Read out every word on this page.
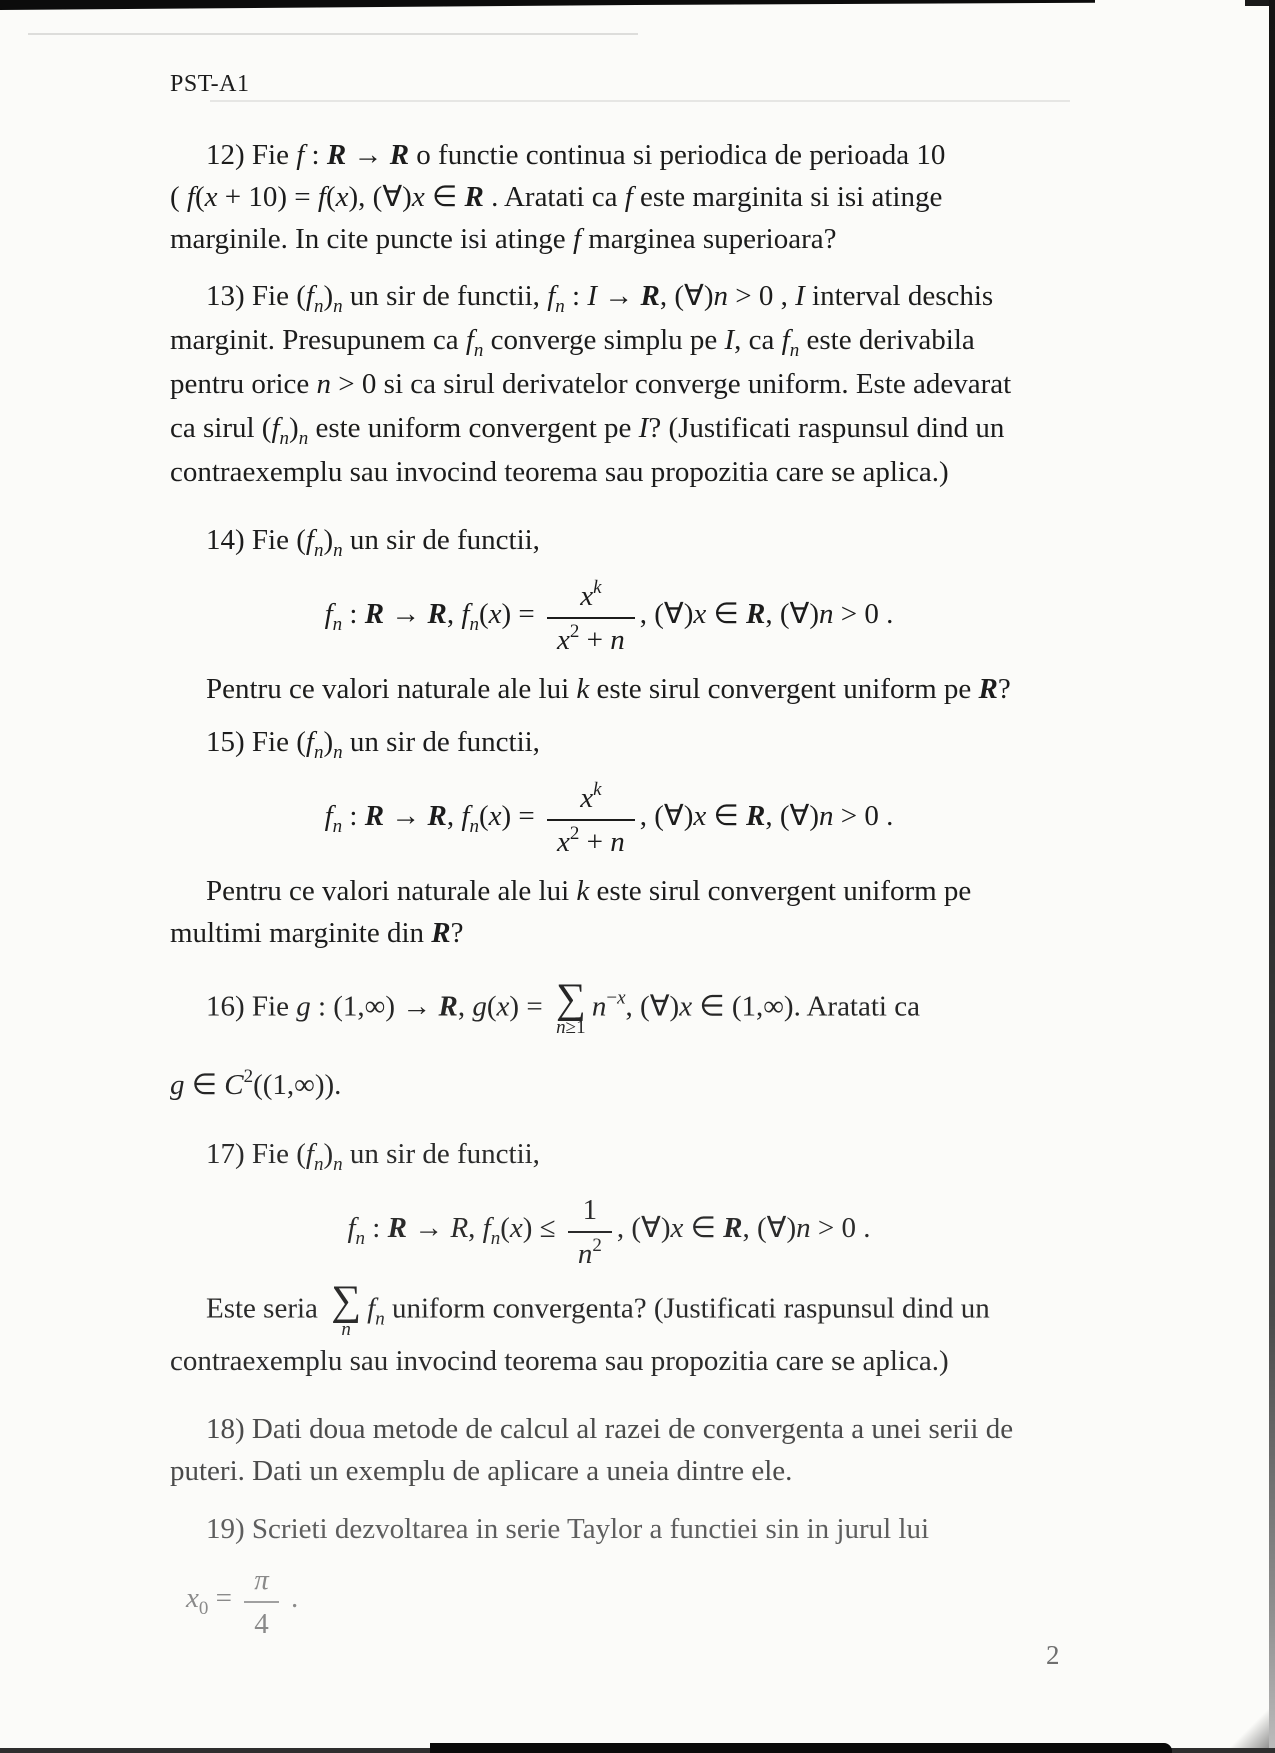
PST-A1
12) Fie f : R → R o functie continua si periodica de perioada 10
( f(x + 10) = f(x), (∀)x ∈ R . Aratati ca f este marginita si isi atinge
marginile. In cite puncte isi atinge f marginea superioara?
13) Fie $(f_n)_n$ un sir de functii, $f_n$ : I → R, (∀)n > 0 , I interval deschis
marginit. Presupunem ca $f_n$ converge simplu pe I, ca $f_n$ este derivabila
pentru orice n > 0 si ca sirul derivatelor converge uniform. Este adevarat
ca sirul $(f_n)_n$ este uniform convergent pe I? (Justificati raspunsul dind un
contraexemplu sau invocind teorema sau propozitia care se aplica.)
14) Fie $(f_n)_n$ un sir de functii,
$f_n$ : R → R, $f_n(x) = \frac{x^k}{x^2 + n}$ , (∀)x ∈ R, (∀)n > 0 .
Pentru ce valori naturale ale lui k este sirul convergent uniform pe R?
15) Fie $(f_n)_n$ un sir de functii,
$f_n$ : R → R, $f_n(x) = \frac{x^k}{x^2 + n}$ , (∀)x ∈ R, (∀)n > 0 .
Pentru ce valori naturale ale lui k este sirul convergent uniform pe
multimi marginite din R?
16) Fie g : (1,∞) → R, g(x) = ∑
n≥1
$n^{-x}$, (∀)x ∈ (1,∞). Aratati ca
g ∈ $C^2((1,\infty))$.
17) Fie $(f_n)_n$ un sir de functii,
$f_n$ : R → R, $f_n(x) \le \frac{1}{n^2}$ , (∀)x ∈ R, (∀)n > 0 .
Este seria ∑
n
$f_n$ uniform convergenta? (Justificati raspunsul dind un
contraexemplu sau invocind teorema sau propozitia care se aplica.)
18) Dati doua metode de calcul al razei de convergenta a unei serii de
puteri. Dati un exemplu de aplicare a uneia dintre ele.
19) Scrieti dezvoltarea in serie Taylor a functiei sin in jurul lui
$x_0 = \frac{\pi}{4}$ .
2
